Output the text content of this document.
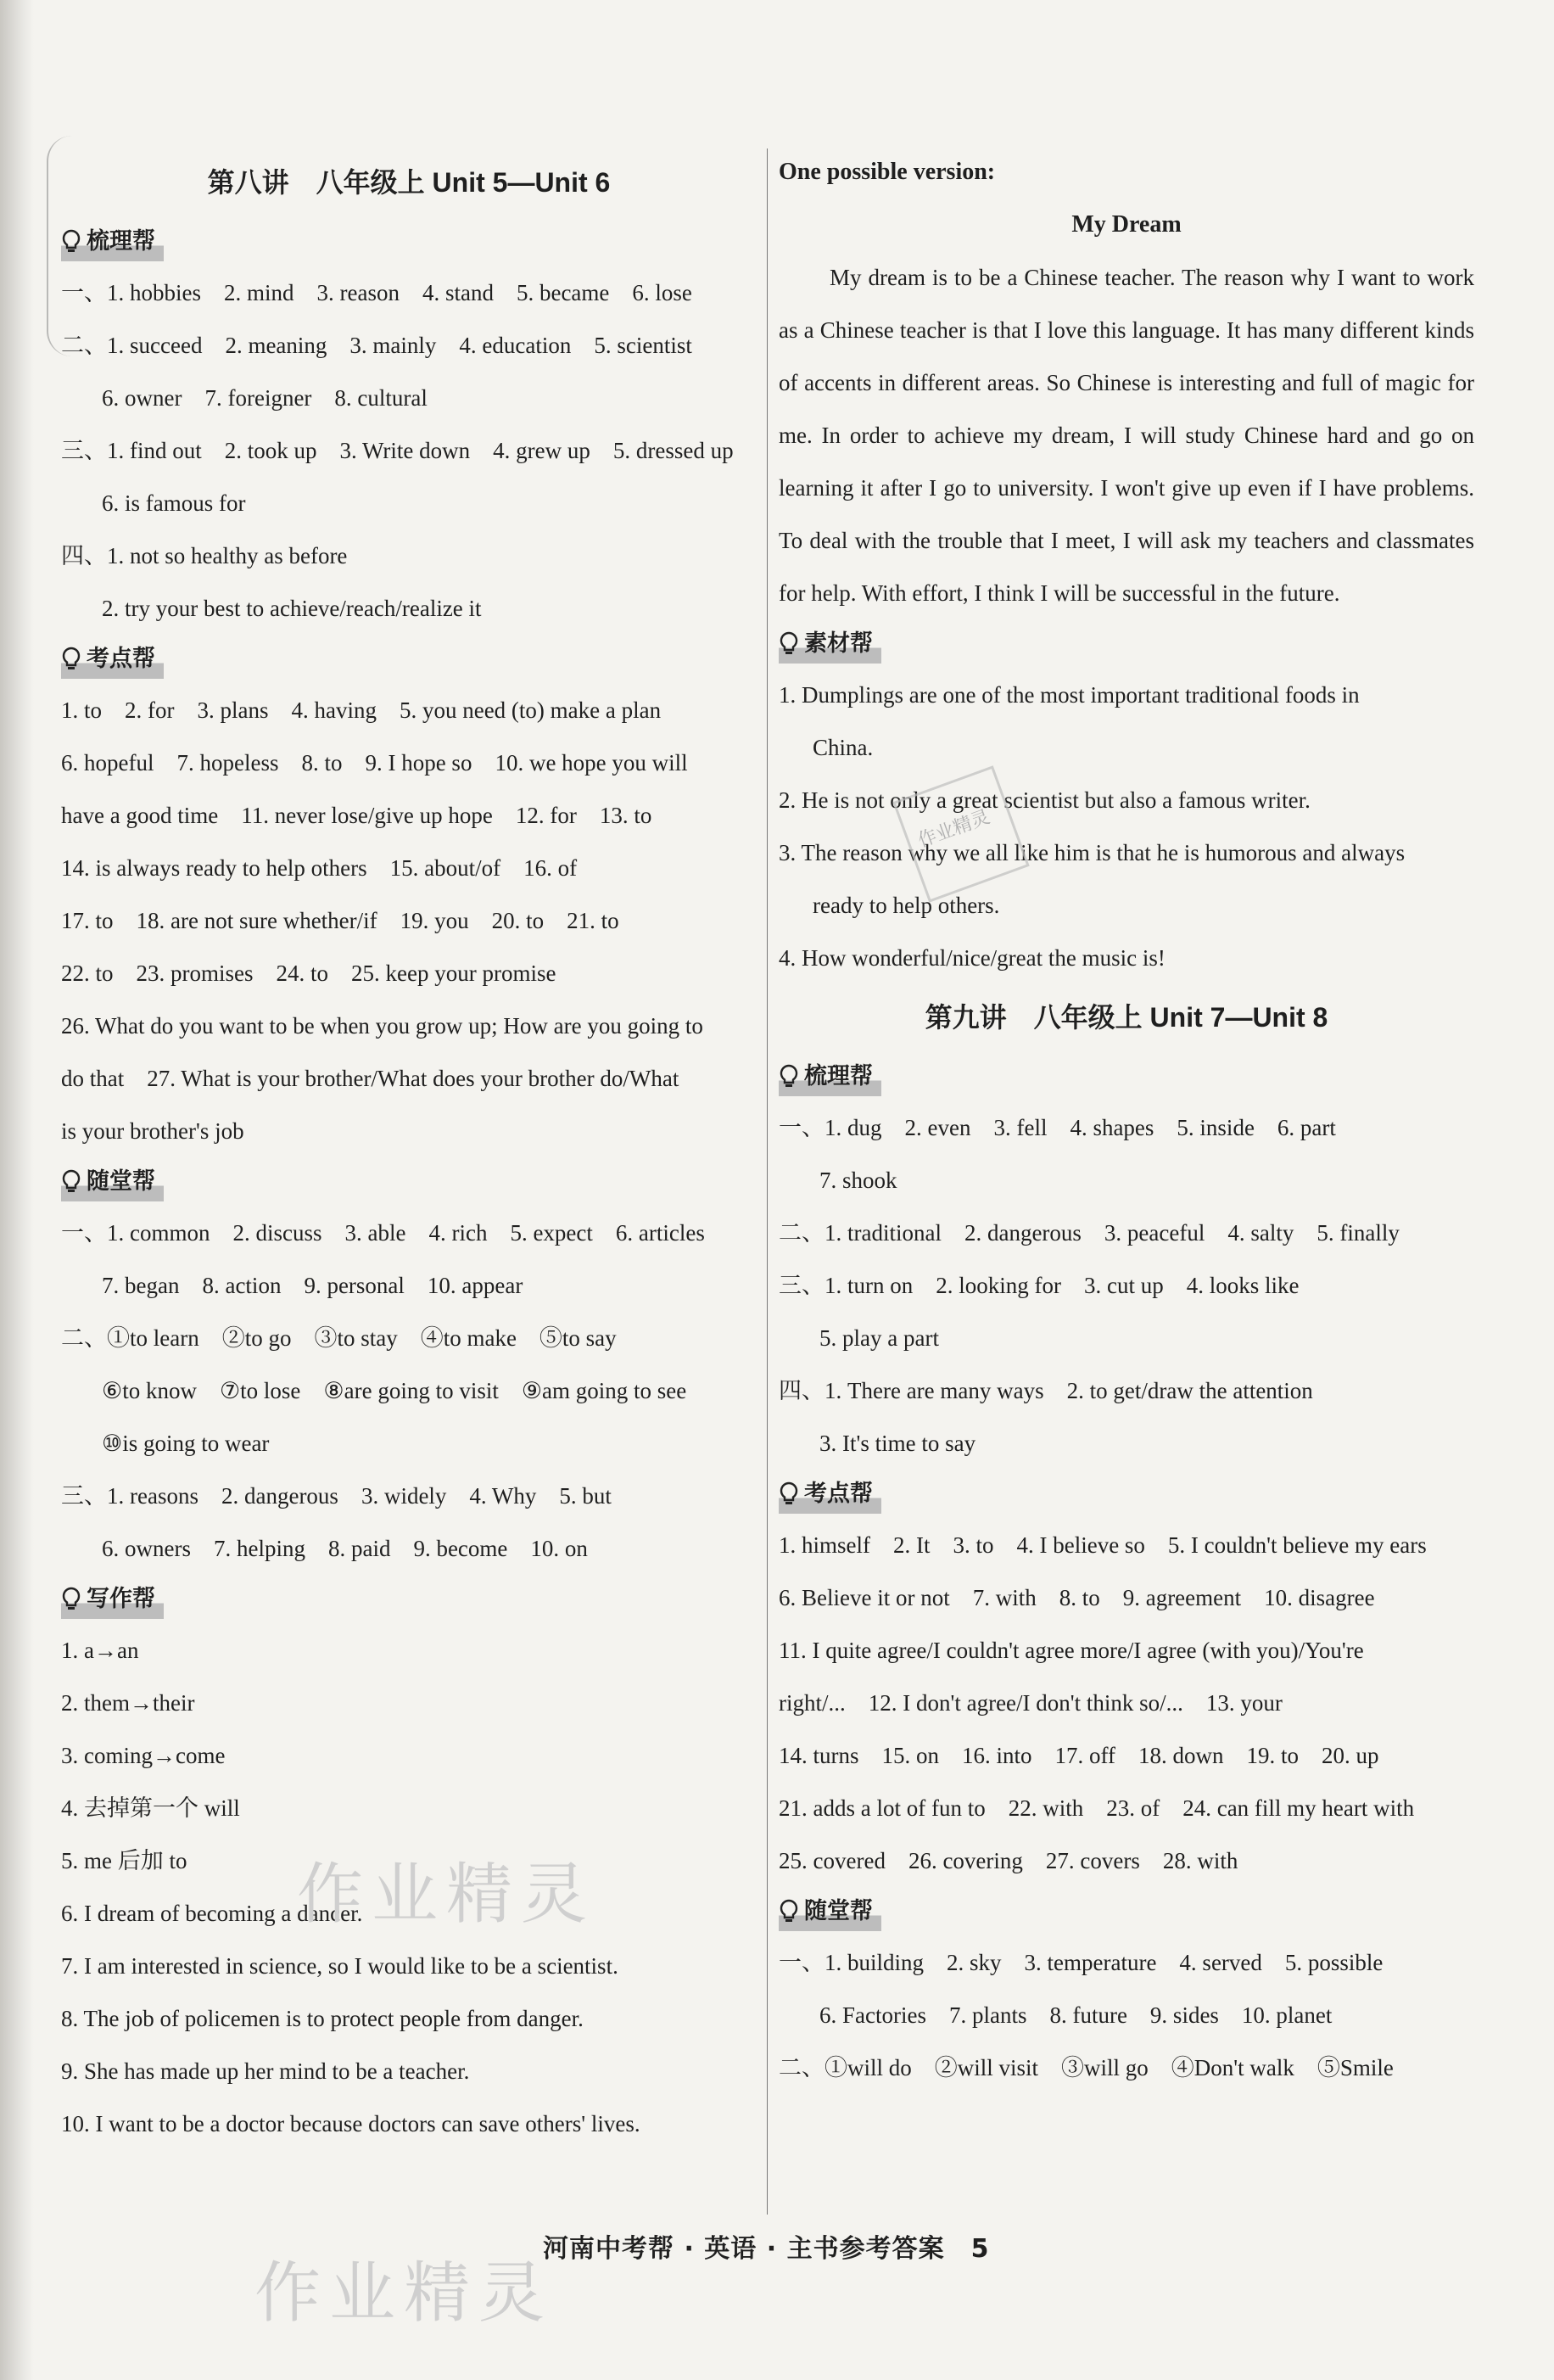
第八讲　八年级上 Unit 5—Unit 6
梳理帮
一、1. hobbies　2. mind　3. reason　4. stand　5. became　6. lose
二、1. succeed　2. meaning　3. mainly　4. education　5. scientist
6. owner　7. foreigner　8. cultural
三、1. find out　2. took up　3. Write down　4. grew up　5. dressed up
6. is famous for
四、1. not so healthy as before
2. try your best to achieve/reach/realize it
考点帮
1. to　2. for　3. plans　4. having　5. you need (to) make a plan
6. hopeful　7. hopeless　8. to　9. I hope so　10. we hope you will
have a good time　11. never lose/give up hope　12. for　13. to
14. is always ready to help others　15. about/of　16. of
17. to　18. are not sure whether/if　19. you　20. to　21. to
22. to　23. promises　24. to　25. keep your promise
26. What do you want to be when you grow up; How are you going to
do that　27. What is your brother/What does your brother do/What
is your brother's job
随堂帮
一、1. common　2. discuss　3. able　4. rich　5. expect　6. articles
7. began　8. action　9. personal　10. appear
二、①to learn　②to go　③to stay　④to make　⑤to say
⑥to know　⑦to lose　⑧are going to visit　⑨am going to see
⑩is going to wear
三、1. reasons　2. dangerous　3. widely　4. Why　5. but
6. owners　7. helping　8. paid　9. become　10. on
写作帮
1. a→an
2. them→their
3. coming→come
4. 去掉第一个 will
5. me 后加 to
6. I dream of becoming a dancer.
7. I am interested in science, so I would like to be a scientist.
8. The job of policemen is to protect people from danger.
9. She has made up her mind to be a teacher.
10. I want to be a doctor because doctors can save others' lives.
One possible version:
My Dream
My dream is to be a Chinese teacher. The reason why I want to work as a Chinese teacher is that I love this language. It has many different kinds of accents in different areas. So Chinese is interesting and full of magic for me. In order to achieve my dream, I will study Chinese hard and go on learning it after I go to university. I won't give up even if I have problems. To deal with the trouble that I meet, I will ask my teachers and classmates for help. With effort, I think I will be successful in the future.
素材帮
1. Dumplings are one of the most important traditional foods in
China.
2. He is not only a great scientist but also a famous writer.
3. The reason why we all like him is that he is humorous and always
ready to help others.
4. How wonderful/nice/great the music is!
第九讲　八年级上 Unit 7—Unit 8
梳理帮
一、1. dug　2. even　3. fell　4. shapes　5. inside　6. part
7. shook
二、1. traditional　2. dangerous　3. peaceful　4. salty　5. finally
三、1. turn on　2. looking for　3. cut up　4. looks like
5. play a part
四、1. There are many ways　2. to get/draw the attention
3. It's time to say
考点帮
1. himself　2. It　3. to　4. I believe so　5. I couldn't believe my ears
6. Believe it or not　7. with　8. to　9. agreement　10. disagree
11. I quite agree/I couldn't agree more/I agree (with you)/You're
right/...　12. I don't agree/I don't think so/...　13. your
14. turns　15. on　16. into　17. off　18. down　19. to　20. up
21. adds a lot of fun to　22. with　23. of　24. can fill my heart with
25. covered　26. covering　27. covers　28. with
随堂帮
一、1. building　2. sky　3. temperature　4. served　5. possible
6. Factories　7. plants　8. future　9. sides　10. planet
二、①will do　②will visit　③will go　④Don't walk　⑤Smile
作业精灵
作业精灵
作业精灵
河南中考帮 · 英语 · 主书参考答案　5
